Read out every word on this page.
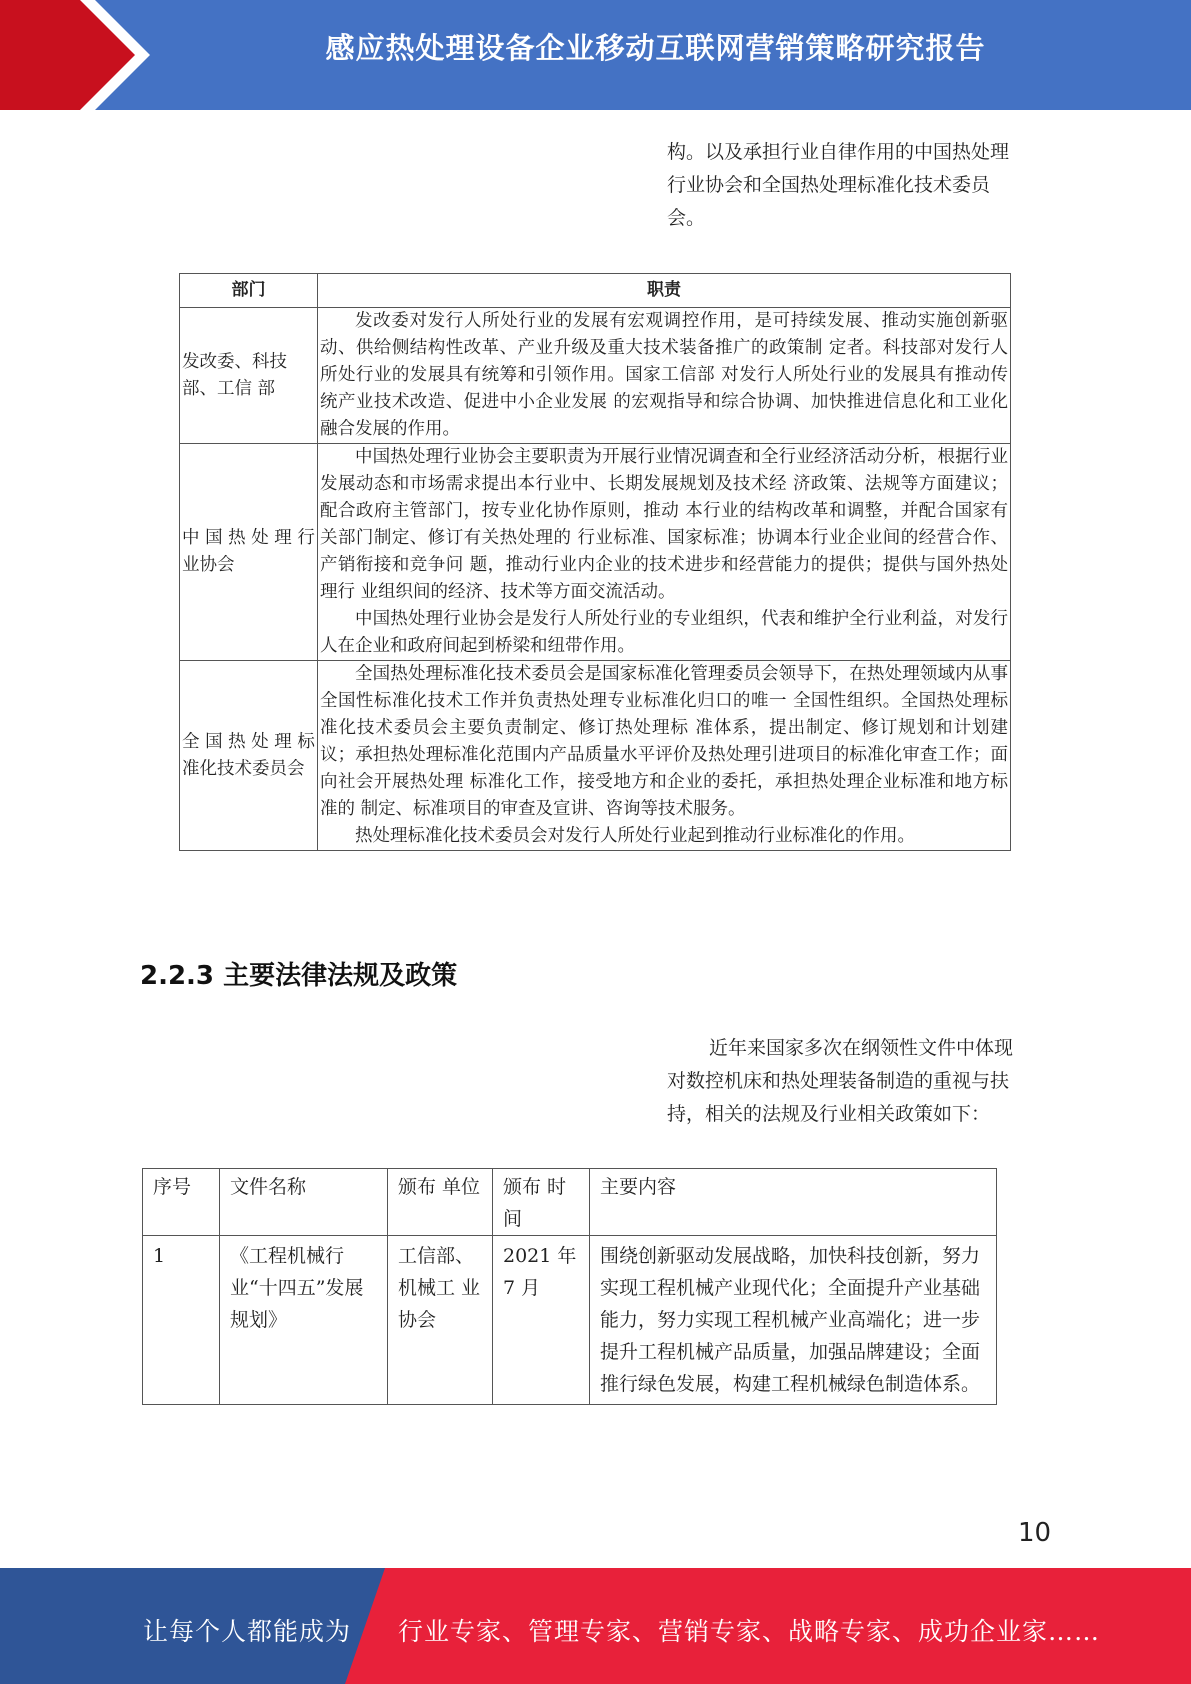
感应热处理设备企业移动互联网营销策略研究报告
构。以及承担行业自律作用的中国热处理
行业协会和全国热处理标准化技术委员
会。
部门	职责
发改委、科技部、工信 部	发改委对发行人所处行业的发展有宏观调控作用，是可持续发展、推动实施创新驱动、供给侧结构性改革、产业升级及重大技术装备推广的政策制 定者。科技部对发行人所处行业的发展具有统筹和引领作用。国家工信部 对发行人所处行业的发展具有推动传统产业技术改造、促进中小企业发展 的宏观指导和综合协调、加快推进信息化和工业化融合发展的作用。

中 国 热 处 理 行业协会	中国热处理行业协会主要职责为开展行业情况调查和全行业经济活动分析，根据行业发展动态和市场需求提出本行业中、长期发展规划及技术经 济政策、法规等方面建议；配合政府主管部门，按专业化协作原则，推动 本行业的结构改革和调整，并配合国家有关部门制定、修订有关热处理的 行业标准、国家标准；协调本行业企业间的经营合作、产销衔接和竞争问 题，推动行业内企业的技术进步和经营能力的提供；提供与国外热处理行 业组织间的经济、技术等方面交流活动。
中国热处理行业协会是发行人所处行业的专业组织，代表和维护全行业利益，对发行人在企业和政府间起到桥梁和纽带作用。

全 国 热 处 理 标准化技术委员会	全国热处理标准化技术委员会是国家标准化管理委员会领导下，在热处理领域内从事全国性标准化技术工作并负责热处理专业标准化归口的唯一 全国性组织。全国热处理标准化技术委员会主要负责制定、修订热处理标 准体系，提出制定、修订规划和计划建议；承担热处理标准化范围内产品质量水平评价及热处理引进项目的标准化审查工作；面向社会开展热处理 标准化工作，接受地方和企业的委托，承担热处理企业标准和地方标准的 制定、标准项目的审查及宣讲、咨询等技术服务。
热处理标准化技术委员会对发行人所处行业起到推动行业标准化的作用。
2.2.3 主要法律法规及政策
近年来国家多次在纲领性文件中体现
对数控机床和热处理装备制造的重视与扶
持，相关的法规及行业相关政策如下：
序号	文件名称	颁布 单位	颁布 时间	主要内容
1	《工程机械行业“十四五”发展规划》	工信部、 机械工 业协会	2021 年 7 月	围绕创新驱动发展战略，加快科技创新，努力实现工程机械产业现代化；全面提升产业基础能力，努力实现工程机械产业高端化；进一步提升工程机械产品质量，加强品牌建设；全面推行绿色发展，构建工程机械绿色制造体系。
10
让每个人都能成为 行业专家、管理专家、营销专家、战略专家、成功企业家……
